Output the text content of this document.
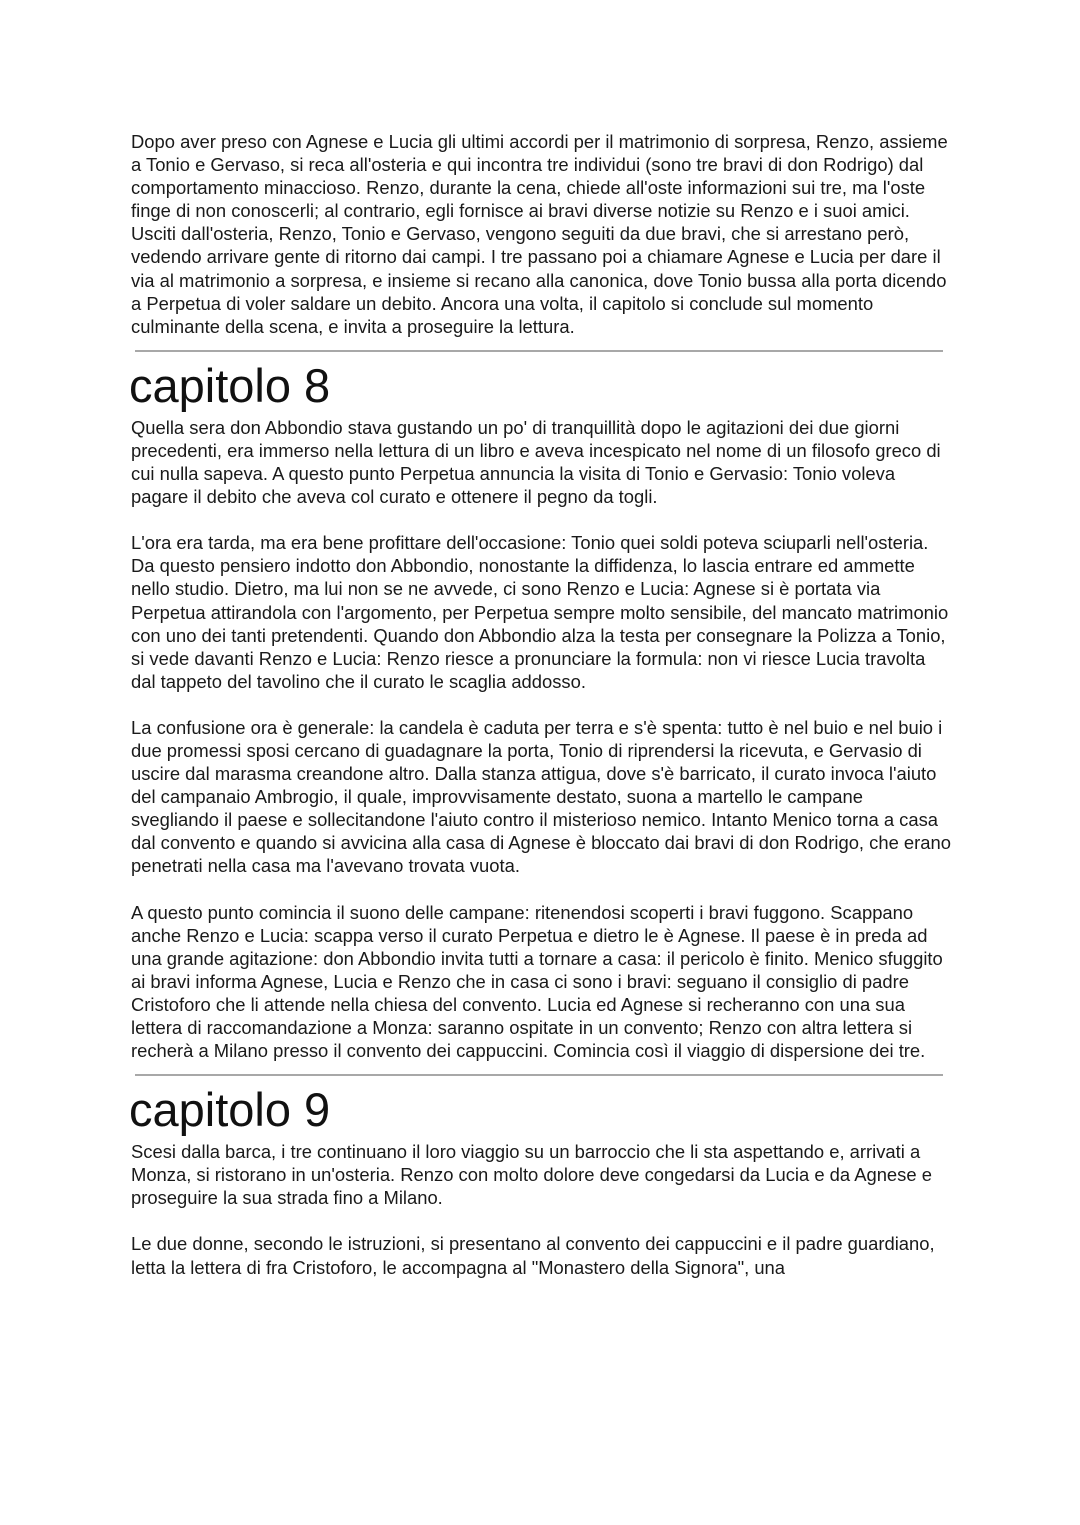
Dopo aver preso con Agnese e Lucia gli ultimi accordi per il matrimonio di sorpresa, Renzo, assieme a Tonio e Gervaso, si reca all'osteria e qui incontra tre individui (sono tre bravi di don Rodrigo) dal comportamento minaccioso. Renzo, durante la cena, chiede all'oste informazioni sui tre, ma l'oste finge di non conoscerli; al contrario, egli fornisce ai bravi diverse notizie su Renzo e i suoi amici. Usciti dall'osteria, Renzo, Tonio e Gervaso, vengono seguiti da due bravi, che si arrestano però, vedendo arrivare gente di ritorno dai campi. I tre passano poi a chiamare Agnese e Lucia per dare il via al matrimonio a sorpresa, e insieme si recano alla canonica, dove Tonio bussa alla porta dicendo a Perpetua di voler saldare un debito. Ancora una volta, il capitolo si conclude sul momento culminante della scena, e invita a proseguire la lettura.

capitolo 8

Quella sera don Abbondio stava gustando un po' di tranquillità dopo le agitazioni dei due giorni precedenti, era immerso nella lettura di un libro e aveva incespicato nel nome di un filosofo greco di cui nulla sapeva. A questo punto Perpetua annuncia la visita di Tonio e Gervasio: Tonio voleva pagare il debito che aveva col curato e ottenere il pegno da togli.

L'ora era tarda, ma era bene profittare dell'occasione: Tonio quei soldi poteva sciuparli nell'osteria. Da questo pensiero indotto don Abbondio, nonostante la diffidenza, lo lascia entrare ed ammette nello studio. Dietro, ma lui non se ne avvede, ci sono Renzo e Lucia: Agnese si è portata via Perpetua attirandola con l'argomento, per Perpetua sempre molto sensibile, del mancato matrimonio con uno dei tanti pretendenti. Quando don Abbondio alza la testa per consegnare la Polizza a Tonio, si vede davanti Renzo e Lucia: Renzo riesce a pronunciare la formula: non vi riesce Lucia travolta dal tappeto del tavolino che il curato le scaglia addosso.

La confusione ora è generale: la candela è caduta per terra e s'è spenta: tutto è nel buio e nel buio i due promessi sposi cercano di guadagnare la porta, Tonio di riprendersi la ricevuta, e Gervasio di uscire dal marasma creandone altro. Dalla stanza attigua, dove s'è barricato, il curato invoca l'aiuto del campanaio Ambrogio, il quale, improvvisamente destato, suona a martello le campane svegliando il paese e sollecitandone l'aiuto contro il misterioso nemico. Intanto Menico torna a casa dal convento e quando si avvicina alla casa di Agnese è bloccato dai bravi di don Rodrigo, che erano penetrati nella casa ma l'avevano trovata vuota.

A questo punto comincia il suono delle campane: ritenendosi scoperti i bravi fuggono. Scappano anche Renzo e Lucia: scappa verso il curato Perpetua e dietro le è Agnese. Il paese è in preda ad una grande agitazione: don Abbondio invita tutti a tornare a casa: il pericolo è finito. Menico sfuggito ai bravi informa Agnese, Lucia e Renzo che in casa ci sono i bravi: seguano il consiglio di padre Cristoforo che li attende nella chiesa del convento. Lucia ed Agnese si recheranno con una sua lettera di raccomandazione a Monza: saranno ospitate in un convento; Renzo con altra lettera si recherà a Milano presso il convento dei cappuccini. Comincia così il viaggio di dispersione dei tre.

capitolo 9

Scesi dalla barca, i tre continuano il loro viaggio su un barroccio che li sta aspettando e, arrivati a Monza, si ristorano in un'osteria. Renzo con molto dolore deve congedarsi da Lucia e da Agnese e proseguire la sua strada fino a Milano.

Le due donne, secondo le istruzioni, si presentano al convento dei cappuccini e il padre guardiano, letta la lettera di fra Cristoforo, le accompagna al "Monastero della Signora", una
